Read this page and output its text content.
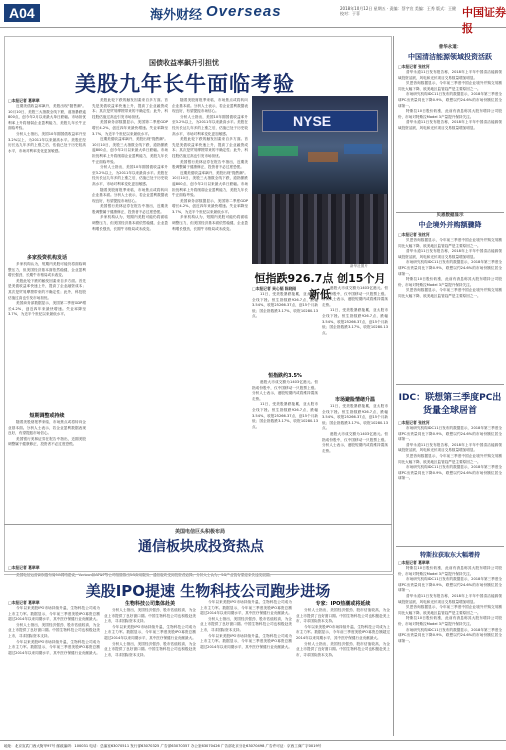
A04	海外财经 Overseas	2018年10月12日 星期五 · 责编：蔡宇宣 美编：王秀 版式：王健 校对：于菲	中国证券报
国债收益率飙升引担忧
美股九年长牛面临考验
□本报记者 葛翠翠

近期美债收益率飙升，美股出现"抛售潮"。10月10日，美股三大指数全线下跌，道指暴跌逾800点，创今年2月以来最大单日跌幅。市场担忧利率上升将削弱企业盈利能力，美股九年长牛正面临考验。

分析人士指出，美国10年期国债收益率升至3.2%以上，为2011年以来最高水平。美股在经历长达九年多的上涨之后，估值已处于历史较高水平，市场对利率变化更加敏感。

多家投资机构发话

多家机构认为，短期内美股可能仍将面临调整压力，但美国经济基本面依然稳健，企业盈利增长强劲，长期牛市格局或未改变。

美股此轮下跌的触发因素来自多方面。首先是美债收益率快速上升，提高了企业融资成本；其次是贸易摩擦带来的不确定性；此外，科技股估值过高也引发市场担忧。

美国商务部数据显示，美国第二季度GDP增长4.2%，创近四年来最快增速。失业率降至3.7%，为近半个世纪以来最低水平。

短期调整或持续

随着美股财报季来临，市场焦点或将转向企业基本面。分析人士表示，若企业盈利数据表现良好，有望提振市场信心。

美国银行美林证券在报告中指出，近期美股调整属于健康修正，投资者不必过度恐慌。

美股此轮下跌的触发因素来自多方面。首先是美债收益率快速上升，提高了企业融资成本；其次是贸易摩擦带来的不确定性；此外，科技股估值过高也引发市场担忧。

美国商务部数据显示，美国第二季度GDP增长4.2%，创近四年来最快增速。失业率降至3.7%，为近半个世纪以来最低水平。

近期美债收益率飙升，美股出现"抛售潮"。10月10日，美股三大指数全线下跌，道指暴跌逾800点，创今年2月以来最大单日跌幅。市场担忧利率上升将削弱企业盈利能力，美股九年长牛正面临考验。

分析人士指出，美国10年期国债收益率升至3.2%以上，为2011年以来最高水平。美股在经历长达九年多的上涨之后，估值已处于历史较高水平，市场对利率变化更加敏感。

随着美股财报季来临，市场焦点或将转向企业基本面。分析人士表示，若企业盈利数据表现良好，有望提振市场信心。

美国银行美林证券在报告中指出，近期美股调整属于健康修正，投资者不必过度恐慌。

多家机构认为，短期内美股可能仍将面临调整压力，但美国经济基本面依然稳健，企业盈利增长强劲，长期牛市格局或未改变。

随着美股财报季来临，市场焦点或将转向企业基本面。分析人士表示，若企业盈利数据表现良好，有望提振市场信心。

分析人士指出，美国10年期国债收益率升至3.2%以上，为2011年以来最高水平。美股在经历长达九年多的上涨之后，估值已处于历史较高水平，市场对利率变化更加敏感。

美股此轮下跌的触发因素来自多方面。首先是美债收益率快速上升，提高了企业融资成本；其次是贸易摩擦带来的不确定性；此外，科技股估值过高也引发市场担忧。

美国银行美林证券在报告中指出，近期美股调整属于健康修正，投资者不必过度恐慌。

近期美债收益率飙升，美股出现"抛售潮"。10月10日，美股三大指数全线下跌，道指暴跌逾800点，创今年2月以来最大单日跌幅。市场担忧利率上升将削弱企业盈利能力，美股九年长牛正面临考验。

美国商务部数据显示，美国第二季度GDP增长4.2%，创近四年来最快增速。失业率降至3.7%，为近半个世纪以来最低水平。

多家机构认为，短期内美股可能仍将面临调整压力，但美国经济基本面依然稳健，企业盈利增长强劲，长期牛市格局或未改变。

NYSE
新华社图片
恒指跌926.7点 创15个月新低
□本报记者 吴心韬 陈晓刚

11日，受美股暴跌拖累，亚太股市全线下挫。恒生指数跌926.7点，跌幅3.54%，收报25266.37点，创15个月新低；国企指数跌3.17%，收报10280.13点。

恒指跌约3.5%

港股大市成交额为1403亿港元。恒指成份股中，仅中国移动一只股票上涨。分析人士表示，港股短期内或将维持震荡走势。

11日，受美股暴跌拖累，亚太股市全线下挫。恒生指数跌926.7点，跌幅3.54%，收报25266.37点，创15个月新低；国企指数跌3.17%，收报10280.13点。

港股大市成交额为1403亿港元。恒指成份股中，仅中国移动一只股票上涨。分析人士表示，港股短期内或将维持震荡走势。

11日，受美股暴跌拖累，亚太股市全线下挫。恒生指数跌926.7点，跌幅3.54%，收报25266.37点，创15个月新低；国企指数跌3.17%，收报10280.13点。

市场避险情绪升温

11日，受美股暴跌拖累，亚太股市全线下挫。恒生指数跌926.7点，跌幅3.54%，收报25266.37点，创15个月新低；国企指数跌3.17%，收报10280.13点。

港股大市成交额为1403亿港元。恒指成份股中，仅中国移动一只股票上涨。分析人士表示，港股短期内或将维持震荡走势。

普华永道：
中国清洁能源领域投资活跃
□本报记者 张枕河

普华永道11日发布报告称，2018年上半年中国清洁能源领域投资活跃，风电和光伏项目交易数量增加明显。

贝恩咨询数据显示，今年前三季度中国企业境外并购交易额同比大幅下降，欧美地区监管趋严是主要原因之一。

市场研究机构IDC11日发布的数据显示，2018年第三季度全球PC出货量同比下降0.9%，联想以约24.6%的市场份额位居全球第一。

特斯拉10日股价收涨，此前有消息称其大股东增持公司股份，市场对特斯拉Model 3产量提升保持关注。

普华永道11日发布报告称，2018年上半年中国清洁能源领域投资活跃，风电和光伏项目交易数量增加明显。

贝恩数据显示
中企境外并购额骤降
□本报记者 张枕河

贝恩咨询数据显示，今年前三季度中国企业境外并购交易额同比大幅下降，欧美地区监管趋严是主要原因之一。

普华永道11日发布报告称，2018年上半年中国清洁能源领域投资活跃，风电和光伏项目交易数量增加明显。

市场研究机构IDC11日发布的数据显示，2018年第三季度全球PC出货量同比下降0.9%，联想以约24.6%的市场份额位居全球第一。

特斯拉10日股价收涨，此前有消息称其大股东增持公司股份，市场对特斯拉Model 3产量提升保持关注。

贝恩咨询数据显示，今年前三季度中国企业境外并购交易额同比大幅下降，欧美地区监管趋严是主要原因之一。

IDC：联想第三季度PC出货量全球居首
□本报记者 张枕河

市场研究机构IDC11日发布的数据显示，2018年第三季度全球PC出货量同比下降0.9%，联想以约24.6%的市场份额位居全球第一。

普华永道11日发布报告称，2018年上半年中国清洁能源领域投资活跃，风电和光伏项目交易数量增加明显。

贝恩咨询数据显示，今年前三季度中国企业境外并购交易额同比大幅下降，欧美地区监管趋严是主要原因之一。

市场研究机构IDC11日发布的数据显示，2018年第三季度全球PC出货量同比下降0.9%，联想以约24.6%的市场份额位居全球第一。

特斯拉获取东大幅增持
□本报记者 葛翠翠

特斯拉10日股价收涨，此前有消息称其大股东增持公司股份，市场对特斯拉Model 3产量提升保持关注。

市场研究机构IDC11日发布的数据显示，2018年第三季度全球PC出货量同比下降0.9%，联想以约24.6%的市场份额位居全球第一。

普华永道11日发布报告称，2018年上半年中国清洁能源领域投资活跃，风电和光伏项目交易数量增加明显。

贝恩咨询数据显示，今年前三季度中国企业境外并购交易额同比大幅下降，欧美地区监管趋严是主要原因之一。

特斯拉10日股价收涨，此前有消息称其大股东增持公司股份，市场对特斯拉Model 3产量提升保持关注。

市场研究机构IDC11日发布的数据显示，2018年第三季度全球PC出货量同比下降0.9%，联想以约24.6%的市场份额位居全球第一。

美国电信巨头积极布局
通信板块成投资热点
□本报记者 葛翠翠

美国电信运营商积极布局5G网络建设，Verizon和AT&T等公司相继推出5G商用服务，通信板块受到投资者追捧。分析人士认为，5G产业链有望迎来快速发展期。

美股IPO提速 生物科技公司跑步进场
□本报记者 葛翠翠

今年以来美股IPO市场持续升温，生物科技公司成为上市主力军。数据显示，今年前三季度美股IPO募资总额超过2014年以来同期水平，其中医疗保健行业贡献最大。

分析人士指出，美国经济强劲、股市估值较高，为企业上市提供了良好窗口期。中国生物科技公司也积极赴美上市，寻求国际资本支持。

今年以来美股IPO市场持续升温，生物科技公司成为上市主力军。数据显示，今年前三季度美股IPO募资总额超过2014年以来同期水平，其中医疗保健行业贡献最大。

生物科技公司集体赴美

分析人士指出，美国经济强劲、股市估值较高，为企业上市提供了良好窗口期。中国生物科技公司也积极赴美上市，寻求国际资本支持。

今年以来美股IPO市场持续升温，生物科技公司成为上市主力军。数据显示，今年前三季度美股IPO募资总额超过2014年以来同期水平，其中医疗保健行业贡献最大。

分析人士指出，美国经济强劲、股市估值较高，为企业上市提供了良好窗口期。中国生物科技公司也积极赴美上市，寻求国际资本支持。

今年以来美股IPO市场持续升温，生物科技公司成为上市主力军。数据显示，今年前三季度美股IPO募资总额超过2014年以来同期水平，其中医疗保健行业贡献最大。

分析人士指出，美国经济强劲、股市估值较高，为企业上市提供了良好窗口期。中国生物科技公司也积极赴美上市，寻求国际资本支持。

今年以来美股IPO市场持续升温，生物科技公司成为上市主力军。数据显示，今年前三季度美股IPO募资总额超过2014年以来同期水平，其中医疗保健行业贡献最大。

专家：IPO热潮或将延续

分析人士指出，美国经济强劲、股市估值较高，为企业上市提供了良好窗口期。中国生物科技公司也积极赴美上市，寻求国际资本支持。

今年以来美股IPO市场持续升温，生物科技公司成为上市主力军。数据显示，今年前三季度美股IPO募资总额超过2014年以来同期水平，其中医疗保健行业贡献最大。

分析人士指出，美国经济强劲、股市估值较高，为企业上市提供了良好窗口期。中国生物科技公司也积极赴美上市，寻求国际资本支持。

地址：北京宣武门西大街甲97号 邮政编码：100031 电话：总编室63070511 发行部63070325 广告部63070357 办公室63070426 广告部北京分社63070498 广告许可证：京西工商广字0019号
